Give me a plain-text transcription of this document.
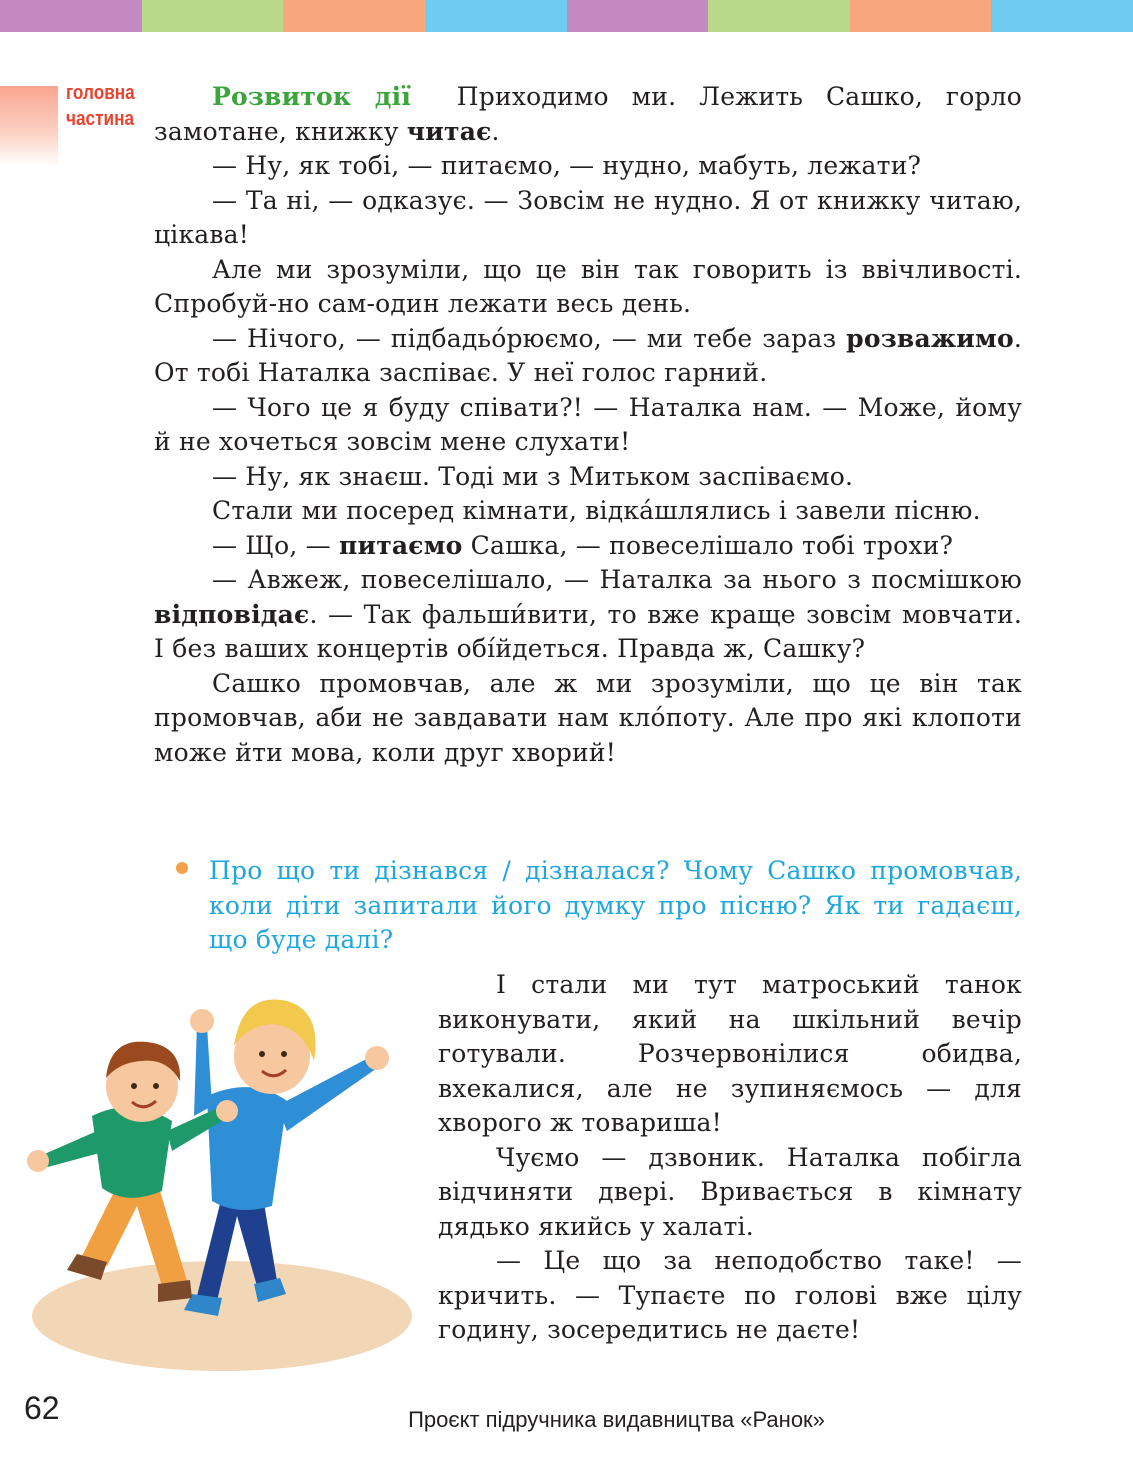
головна
частина

Розвиток дії Приходимо ми. Лежить Сашко, горло замотане, книжку читає.

— Ну, як тобі, — питаємо, — нудно, мабуть, лежати?

— Та ні, — одказує. — Зовсім не нудно. Я от книжку читаю, цікава!

Але ми зрозуміли, що це він так говорить із ввічливості. Спробуй-но сам-один лежати весь день.

— Нічого, — підбадьо́рюємо, — ми тебе зараз розважимо. От тобі Наталка заспіває. У неї голос гарний.

— Чого це я буду співати?! — Наталка нам. — Може, йому й не хочеться зовсім мене слухати!

— Ну, як знаєш. Тоді ми з Митьком заспіваємо.

Стали ми посеред кімнати, відка́шлялись і завели пісню.

— Що, — питаємо Сашка, — повеселішало тобі трохи?

— Авжеж, повеселішало, — Наталка за нього з посмішкою відповідає. — Так фальши́вити, то вже краще зовсім мовчати. І без ваших концертів обі́йдеться. Правда ж, Сашку?

Сашко промовчав, але ж ми зрозуміли, що це він так промовчав, аби не завдавати нам кло́поту. Але про які клопоти може йти мова, коли друг хворий!

Про що ти дізнався / дізналася? Чому Сашко промовчав, коли діти запитали його думку про пісню? Як ти гадаєш, що буде далі?

І стали ми тут матроський танок виконувати, який на шкільний вечір готували. Розчервонілися обидва, вхекалися, але не зупиняємось — для хворого ж товариша!

Чуємо — дзвоник. Наталка побігла відчиняти двері. Вривається в кімнату дядько якийсь у халаті.

— Це що за неподобство таке! — кричить. — Тупаєте по голові вже цілу годину, зосередитись не даєте!

62	Проєкт підручника видавництва «Ранок»
